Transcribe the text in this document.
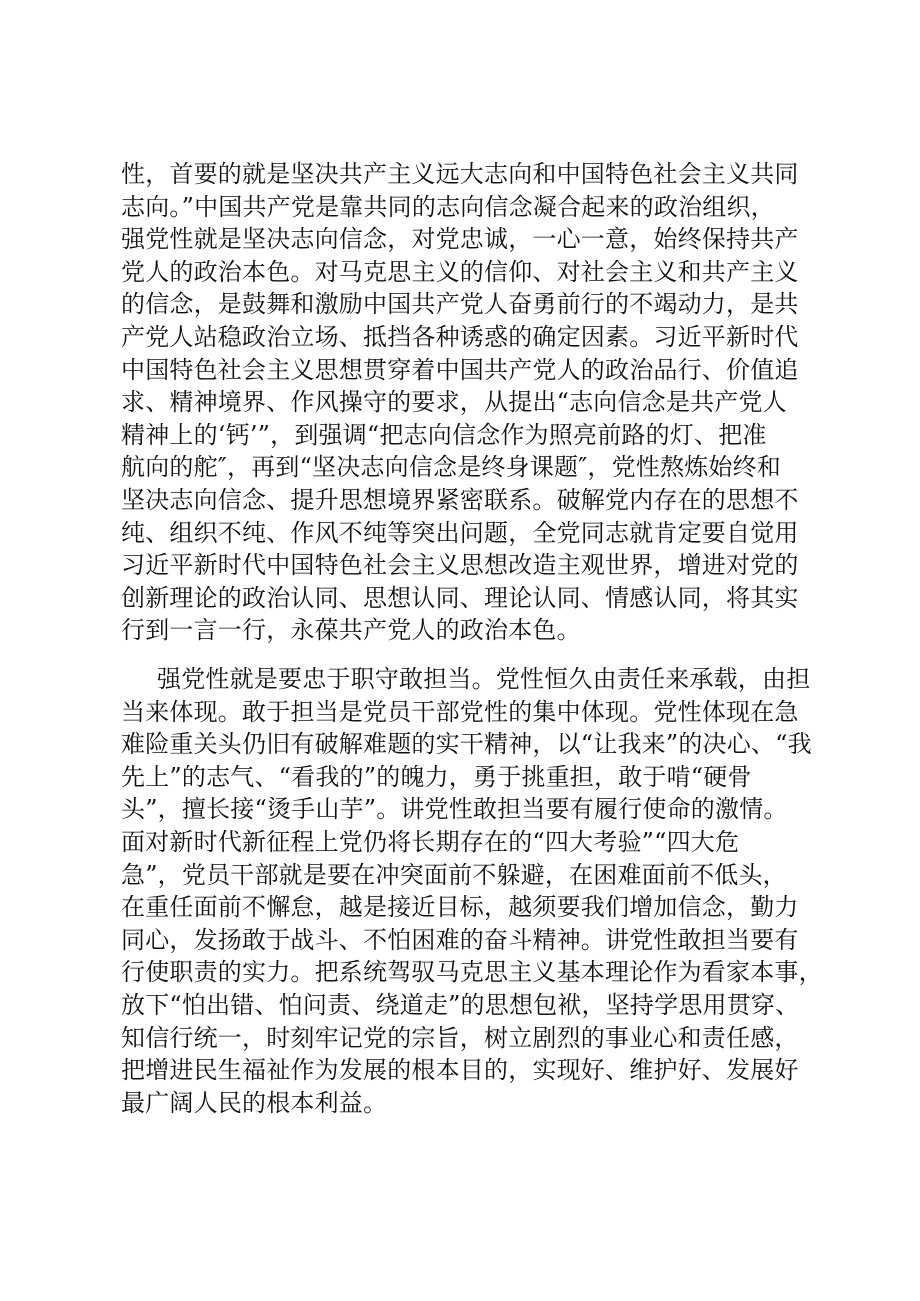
性，首要的就是坚决共产主义远大志向和中国特色社会主义共同
志向。”中国共产党是靠共同的志向信念凝合起来的政治组织，
强党性就是坚决志向信念，对党忠诚，一心一意，始终保持共产
党人的政治本色。对马克思主义的信仰、对社会主义和共产主义
的信念，是鼓舞和激励中国共产党人奋勇前行的不竭动力，是共
产党人站稳政治立场、抵挡各种诱惑的确定因素。习近平新时代
中国特色社会主义思想贯穿着中国共产党人的政治品行、价值追
求、精神境界、作风操守的要求，从提出“志向信念是共产党人
精神上的‘钙’”，到强调“把志向信念作为照亮前路的灯、把准
航向的舵″，再到“坚决志向信念是终身课题″，党性熬炼始终和
坚决志向信念、提升思想境界紧密联系。破解党内存在的思想不
纯、组织不纯、作风不纯等突出问题，全党同志就肯定要自觉用
习近平新时代中国特色社会主义思想改造主观世界，增进对党的
创新理论的政治认同、思想认同、理论认同、情感认同，将其实
行到一言一行，永葆共产党人的政治本色。
强党性就是要忠于职守敢担当。党性恒久由责任来承载，由担
当来体现。敢于担当是党员干部党性的集中体现。党性体现在急
难险重关头仍旧有破解难题的实干精神，以“让我来”的决心、“我
先上”的志气、“看我的”的魄力，勇于挑重担，敢于啃“硬骨
头”，擅长接“烫手山芋”。讲党性敢担当要有履行使命的激情。
面对新时代新征程上党仍将长期存在的“四大考验”“四大危
急”，党员干部就是要在冲突面前不躲避，在困难面前不低头，
在重任面前不懈怠，越是接近目标，越须要我们增加信念，勤力
同心，发扬敢于战斗、不怕困难的奋斗精神。讲党性敢担当要有
行使职责的实力。把系统驾驭马克思主义基本理论作为看家本事，
放下“怕出错、怕问责、绕道走”的思想包袱，坚持学思用贯穿、
知信行统一，时刻牢记党的宗旨，树立剧烈的事业心和责任感，
把增进民生福祉作为发展的根本目的，实现好、维护好、发展好
最广阔人民的根本利益。
